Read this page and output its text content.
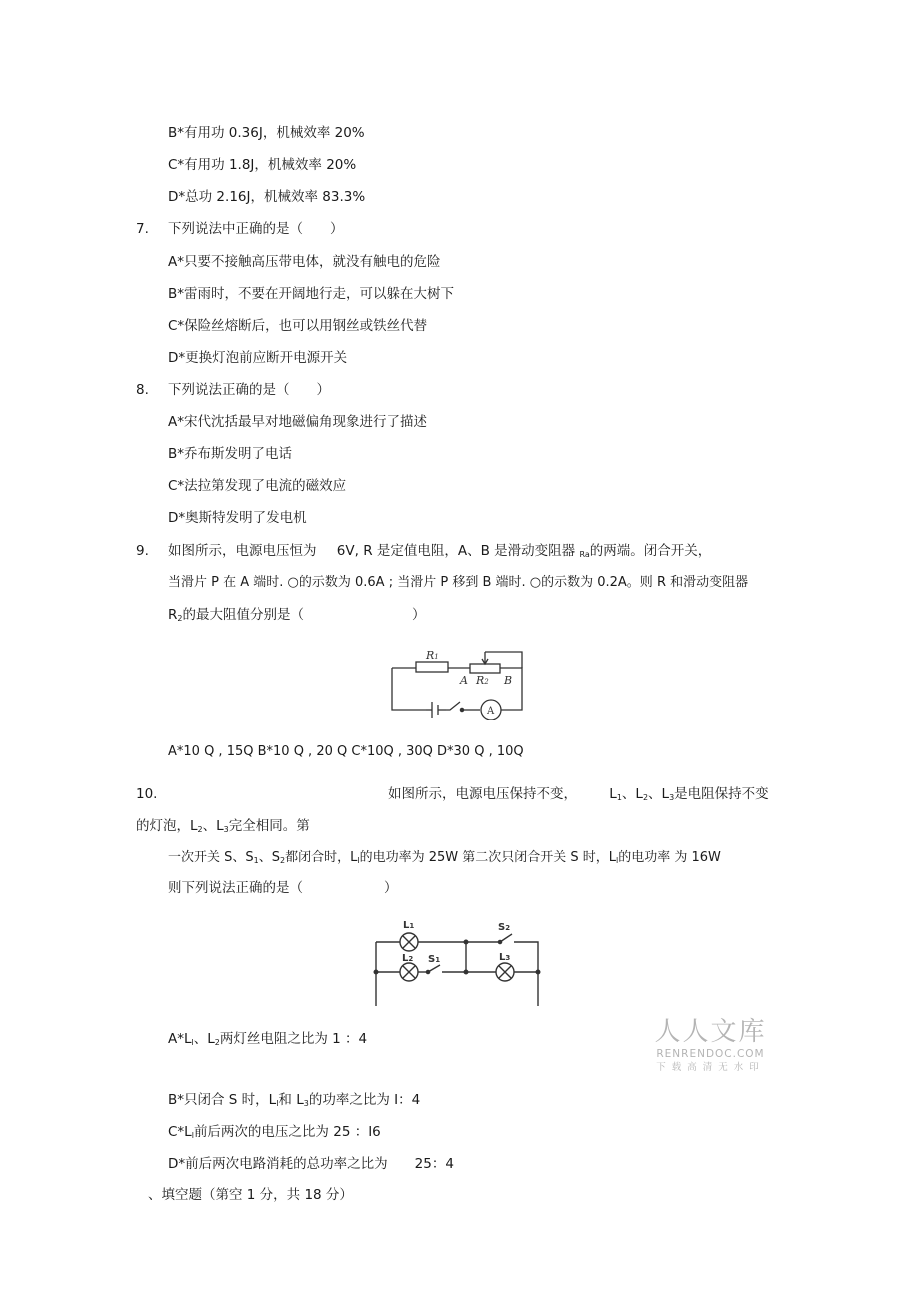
B*有用功 0.36J，机械效率 20%
C*有用功 1.8J，机械效率 20%
D*总功 2.16J，机械效率 83.3%
7. 下列说法中正确的是（　　）
A*只要不接触高压带电体，就没有触电的危险
B*雷雨时，不要在开阔地行走，可以躲在大树下
C*保险丝熔断后，也可以用钢丝或铁丝代替
D*更换灯泡前应断开电源开关
8. 下列说法正确的是（　　）
A*宋代沈括最早对地磁偏角现象进行了描述
B*乔布斯发明了电话
C*法拉第发现了电流的磁效应
D*奥斯特发明了发电机
9. 如图所示，电源电压恒为 6V, R 是定值电阻，A、B 是滑动变阻器 $_{Ra}$的两端。闭合开关，
当滑片 P 在 A 端时. ○的示数为 0.6A ; 当滑片 P 移到 B 端时. ○的示数为 0.2A。则 R 和滑动变阻器
$R_2$的最大阻值分别是（　　　　　　　　）
R1
A R2 B
A
A*10 Q , 15Q B*10 Q , 20 Q C*10Q , 30Q D*30 Q , 10Q
10.	如图所示，电源电压保持不变， $L_1$、$L_2$、$L_3$是电阻保持不变
的灯泡，$L_2$、$L_3$完全相同。第
一次开关 S、$S_1$、$S_2$都闭合时，$L_l$的电功率为 25W 第二次只闭合开关 S 时，$L_l$的电功率 为 16W
则下列说法正确的是（　　　　　　）
L1	S2
L2 S1	L3
人人文库
RENRENDOC.COM
下载高清无水印
$A*L_l$、$L_2$两灯丝电阻之比为 1 ：4
B*只闭合 S 时，$L_l$和 $L_3$的功率之比为 I：4
$C*L_l$前后两次的电压之比为 25 ：I6
D*前后两次电路消耗的总功率之比为　　25：4
、填空题（第空 1 分，共 18 分）
